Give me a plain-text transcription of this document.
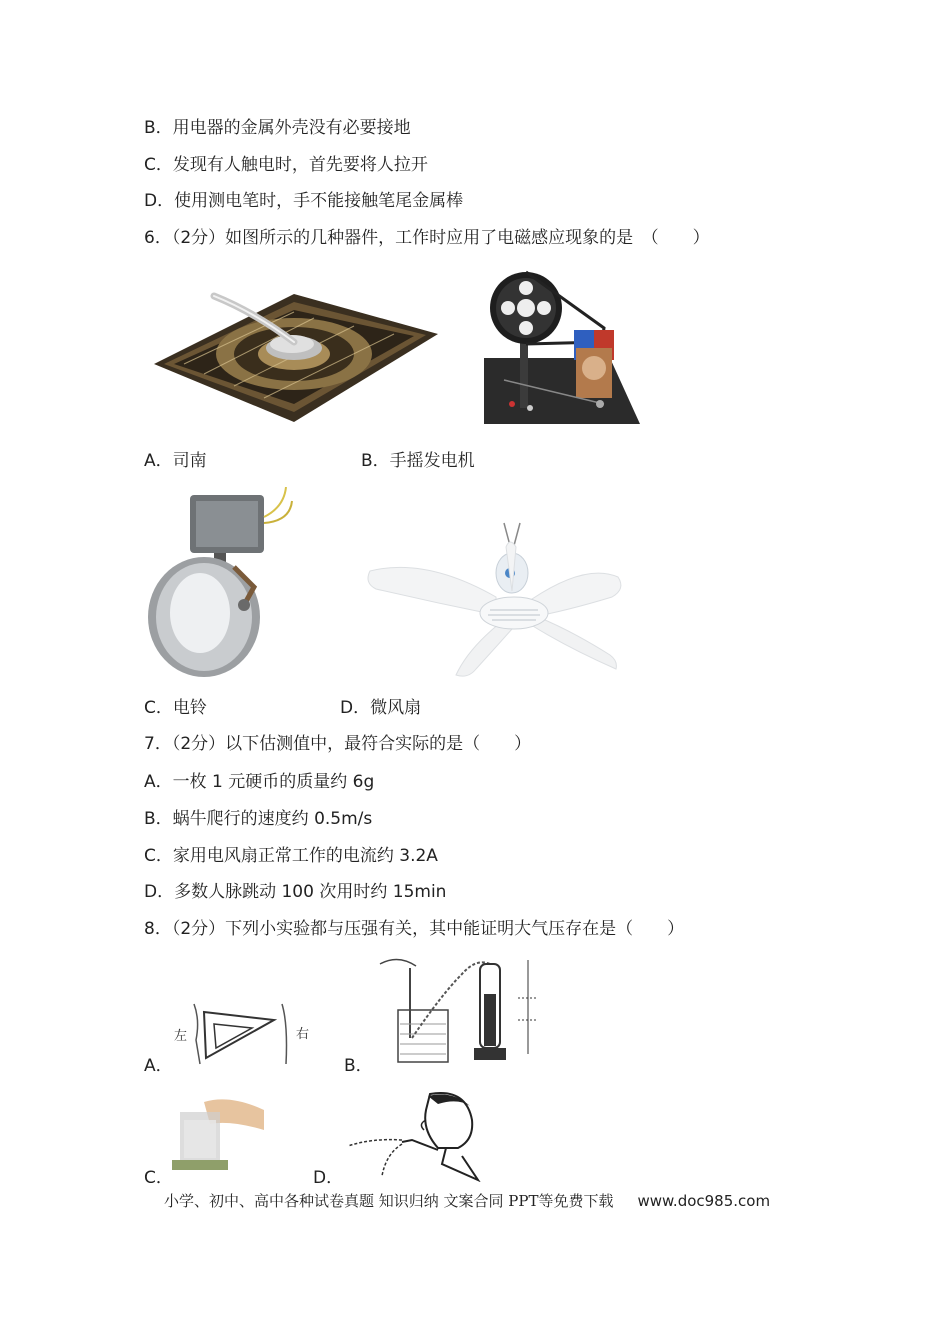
B．用电器的金属外壳没有必要接地
C．发现有人触电时，首先要将人拉开
D．使用测电笔时，手不能接触笔尾金属棒
6．（2分）如图所示的几种器件，工作时应用了电磁感应现象的是　（　　）
A．司南	B．手摇发电机
C．电铃	D．微风扇
7．（2分）以下估测值中，最符合实际的是（　　）
A．一枚 1 元硬币的质量约 6g
B．蜗牛爬行的速度约 0.5m/s
C．家用电风扇正常工作的电流约 3.2A
D．多数人脉跳动 100 次用时约 15min
8．（2分）下列小实验都与压强有关，其中能证明大气压存在是（　　）
左	右
A．	B．
C．	D．
小学、初中、高中各种试卷真题 知识归纳 文案合同 PPT等免费下载 www.doc985.com
